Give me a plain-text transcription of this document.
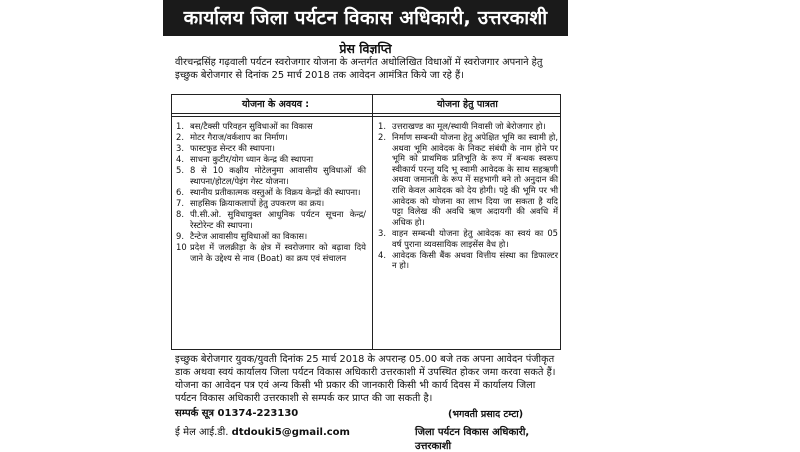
कार्यालय जिला पर्यटन विकास अधिकारी, उत्तरकाशी
प्रेस विज्ञप्ति
वीरचन्द्रसिंह गढ़वाली पर्यटन स्वरोजगार योजना के अन्तर्गत अधोलिखित विधाओं में स्वरोजगार अपनाने हेतु इच्छुक बेरोजगार से दिनांक 25 मार्च 2018 तक आवेदन आमंत्रित किये जा रहे हैं।
योजना के अवयव :	योजना हेतु पात्रता
1. बस/टैक्सी परिवहन सुविधाओं का विकास
2. मोटर गैराज/वर्कशाप का निर्माण।
3. फास्टफुड सेन्टर की स्थापना।
4. साधना कुटीर/योग ध्यान केन्द्र की स्थापना
5. 8 से 10 कक्षीय मोटेलनुमा आवासीय सुविधाओं की स्थापना/होटल/पेइंग गेस्ट योजना।
6. स्थानीय प्रतीकात्मक वस्तुओं के विक्रय केन्द्रों की स्थापना।
7. साहसिक क्रियाकलापों हेतु उपकरण का क्रय।
8. पी.सी.ओ. सुविधायुक्त आधुनिक पर्यटन सूचना केन्द्र/रेस्टोरेन्ट की स्थापना।
9. टैन्टेज आवासीय सुविधाओं का विकास।
10 प्रदेश में जलक्रीड़ा के क्षेत्र में स्वरोजगार को बढ़ावा दिये जाने के उद्देश्य से नाव (Boat) का क्रय एवं संचालन
1. उत्तराखण्ड का मूल/स्थायी निवासी जो बेरोजगार हो।
2. निर्माण सम्बन्धी योजना हेतु अपेक्षित भूमि का स्वामी हो, अथवा भूमि आवेदक के निकट संबंधी के नाम होने पर भूमि को प्राथमिक प्रतिभूति के रूप में बन्धक स्वरूप स्वीकार्य परन्तु यदि भू स्वामी आवेदक के साथ सहऋणी अथवा जमानती के रूप में सहभागी बने तो अनुदान की राशि केवल आवेदक को देय होगी। पट्टे की भूमि पर भी आवेदक को योजना का लाभ दिया जा सकता है यदि पट्टा विलेख की अवधि ऋण अदायगी की अवधि में अधिक हो।
3. वाहन सम्बन्धी योजना हेतु आवेदक का स्वयं का 05 वर्ष पुराना व्यवसायिक लाइसेंस वैध हो।
4. आवेदक किसी बैंक अथवा वित्तीय संस्था का डिफाल्टर न हो।
इच्छुक बेरोजगार युवक/युवती दिनांक 25 मार्च 2018 के अपरान्ह 05.00 बजे तक अपना आवेदन पंजीकृत डाक अथवा स्वयं कार्यालय जिला पर्यटन विकास अधिकारी उत्तरकाशी में उपस्थित होकर जमा करवा सकते हैं। योजना का आवेदन पत्र एवं अन्य किसी भी प्रकार की जानकारी किसी भी कार्य दिवस में कार्यालय जिला पर्यटन विकास अधिकारी उत्तरकाशी से सम्पर्क कर प्राप्त की जा सकती है।
सम्पर्क सूत्र 01374-223130
ई मेल आई.डी. dtdouki5@gmail.com
(भगवती प्रसाद टम्टा)
जिला पर्यटन विकास अधिकारी, उत्तरकाशी
